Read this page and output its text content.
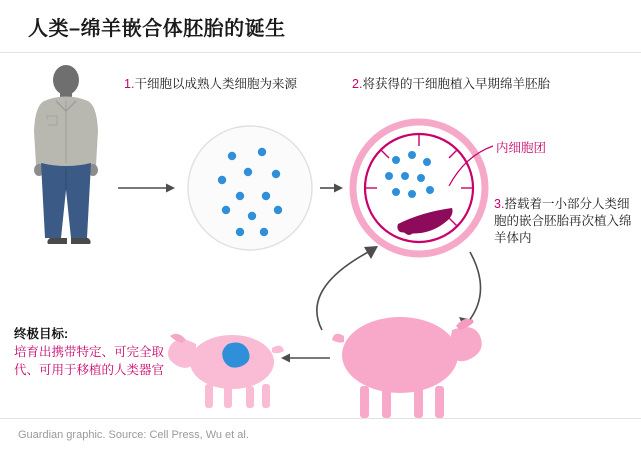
人类–绵羊嵌合体胚胎的诞生
1.干细胞以成熟人类细胞为来源	2.将获得的干细胞植入早期绵羊胚胎
内细胞团
3.搭载着一小部分人类细胞的嵌合胚胎再次植入绵羊体内
终极目标:
培育出携带特定、可完全取代、可用于移植的人类器官
Guardian graphic. Source: Cell Press, Wu et al.
